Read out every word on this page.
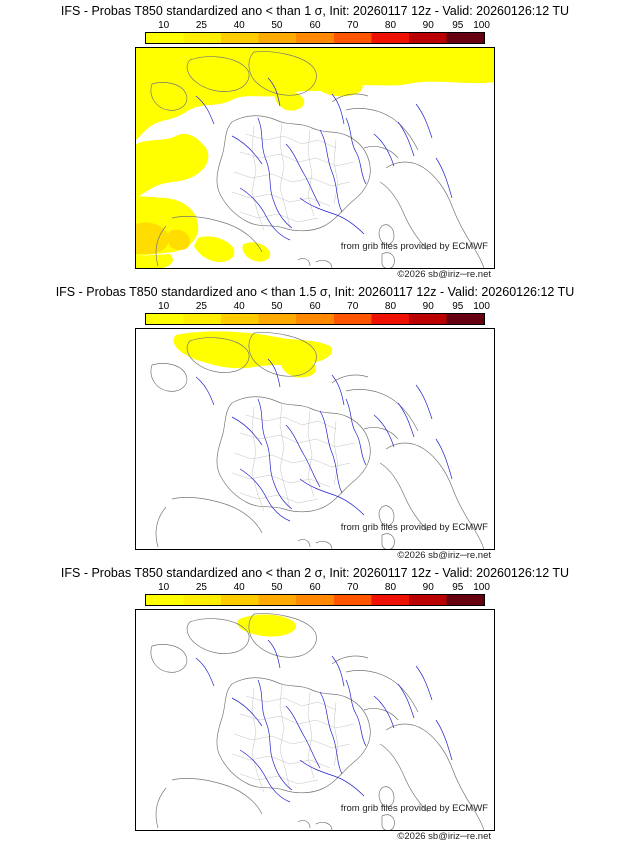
IFS - Probas T850 standardized ano < than 1 σ, Init: 20260117 12z - Valid: 20260126:12 TU
10	25	40	50	60	70	80	90 95 100
from grib files provided by ECMWF
©2026 sb@iriz─re.net
IFS - Probas T850 standardized ano < than 1.5 σ, Init: 20260117 12z - Valid: 20260126:12 TU
10	25	40	50	60	70	80	90 95 100
from grib files provided by ECMWF
©2026 sb@iriz─re.net
IFS - Probas T850 standardized ano < than 2 σ, Init: 20260117 12z - Valid: 20260126:12 TU
10	25	40	50	60	70	80	90 95 100
from grib files provided by ECMWF
©2026 sb@iriz─re.net
